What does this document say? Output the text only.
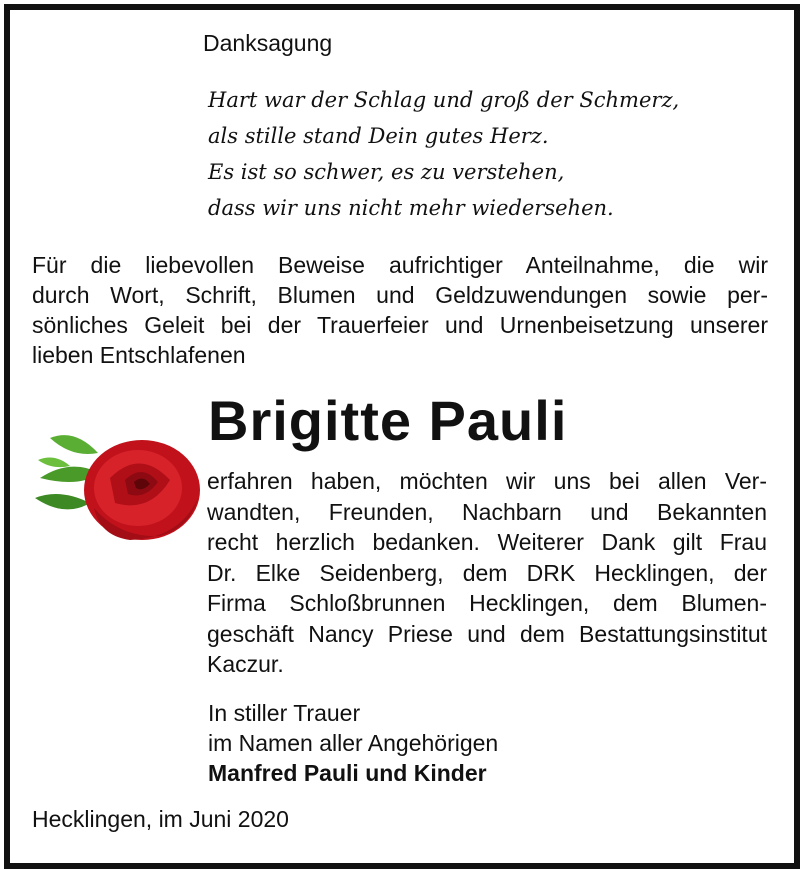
Danksagung
Hart war der Schlag und groß der Schmerz,
als stille stand Dein gutes Herz.
Es ist so schwer, es zu verstehen,
dass wir uns nicht mehr wiedersehen.
Für die liebevollen Beweise aufrichtiger Anteilnahme, die wir
durch Wort, Schrift, Blumen und Geldzuwendungen sowie per-
sönliches Geleit bei der Trauerfeier und Urnenbeisetzung unserer
lieben Entschlafenen
Brigitte Pauli
erfahren haben, möchten wir uns bei allen Ver-
wandten, Freunden, Nachbarn und Bekannten
recht herzlich bedanken. Weiterer Dank gilt Frau
Dr. Elke Seidenberg, dem DRK Hecklingen, der
Firma Schloßbrunnen Hecklingen, dem Blumen-
geschäft Nancy Priese und dem Bestattungsinstitut
Kaczur.
In stiller Trauer
im Namen aller Angehörigen
Manfred Pauli und Kinder
Hecklingen, im Juni 2020
